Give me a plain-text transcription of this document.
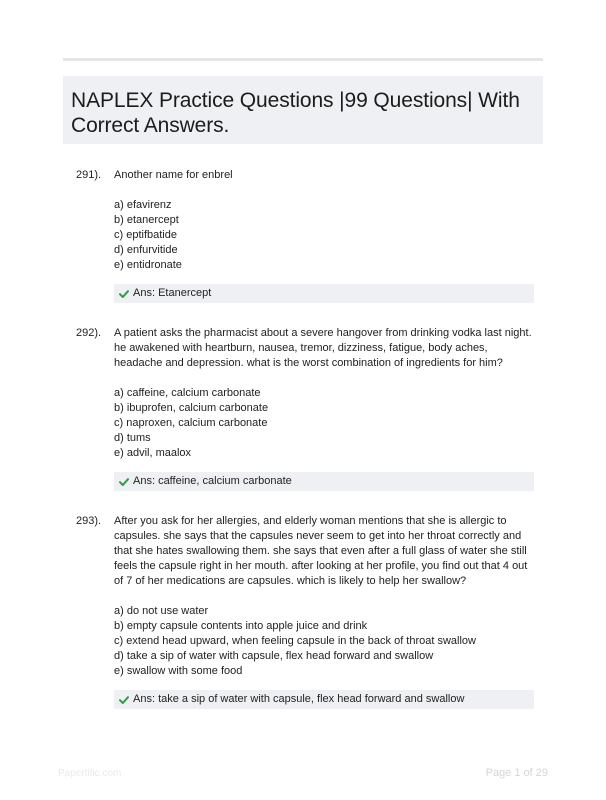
NAPLEX Practice Questions |99 Questions| With Correct Answers.
291). Another name for enbrel
a) efavirenz
b) etanercept
c) eptifbatide
d) enfurvitide
e) entidronate
Ans: Etanercept
292). A patient asks the pharmacist about a severe hangover from drinking vodka last night. he awakened with heartburn, nausea, tremor, dizziness, fatigue, body aches, headache and depression. what is the worst combination of ingredients for him?
a) caffeine, calcium carbonate
b) ibuprofen, calcium carbonate
c) naproxen, calcium carbonate
d) tums
e) advil, maalox
Ans: caffeine, calcium carbonate
293). After you ask for her allergies, and elderly woman mentions that she is allergic to capsules. she says that the capsules never seem to get into her throat correctly and that she hates swallowing them. she says that even after a full glass of water she still feels the capsule right in her mouth. after looking at her profile, you find out that 4 out of 7 of her medications are capsules. which is likely to help her swallow?
a) do not use water
b) empty capsule contents into apple juice and drink
c) extend head upward, when feeling capsule in the back of throat swallow
d) take a sip of water with capsule, flex head forward and swallow
e) swallow with some food
Ans: take a sip of water with capsule, flex head forward and swallow
Papertific.com	Page 1 of 29
